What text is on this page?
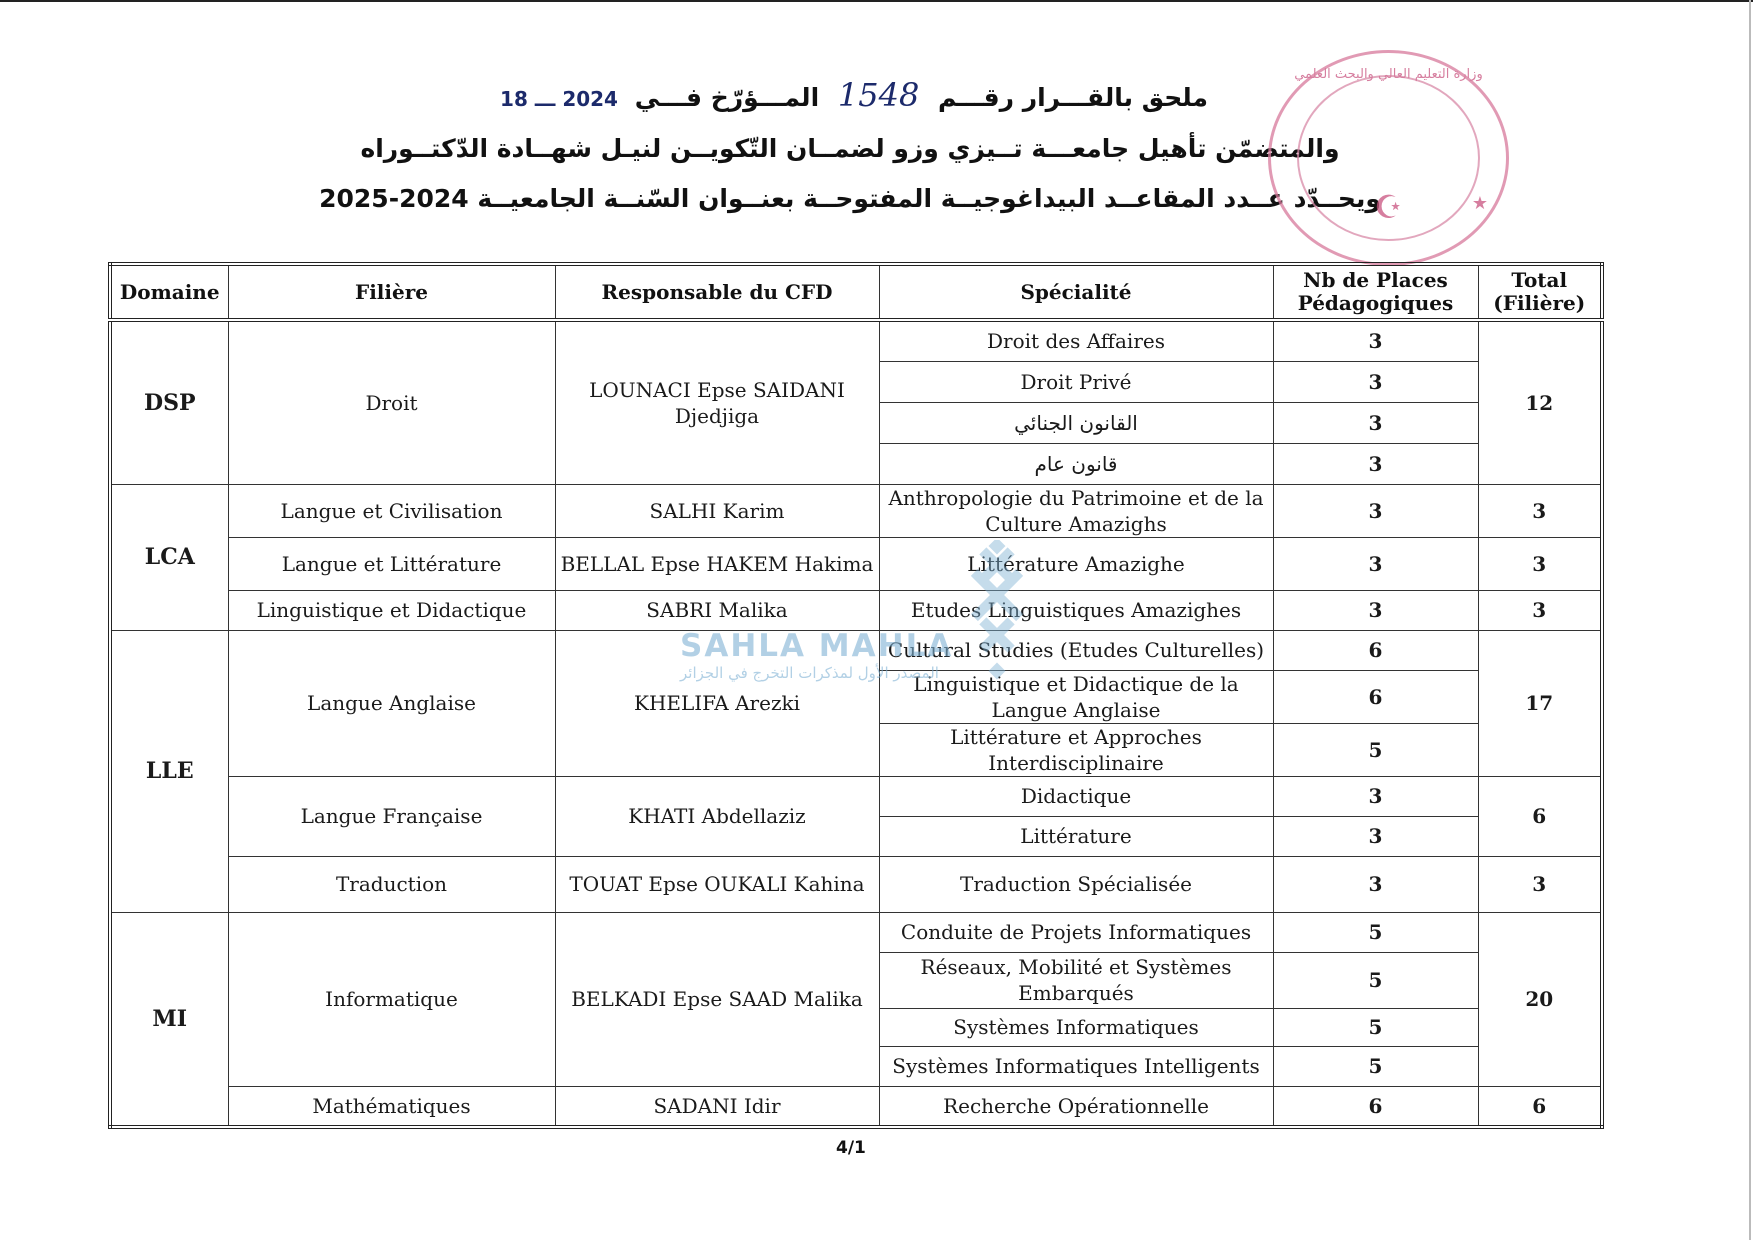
ملحق بالقـــرار رقـــم 1548 المـــؤرّخ فـــي 2024 ـــ 18
والمتضمّن تأهيل جامعـــة تــيزي وزو لضمــان التّكويــن لنيـل شهــادة الدّكتــوراه
ويحــدّد عــدد المقاعــد البيداغوجيــة المفتوحــة بعنــوان السّنــة الجامعيــة 2024-2025
وزارة التعليم العالي والبحث العلمي
☪	★
Domaine	Filière	Responsable du CFD	Spécialité	Nb de Places Pédagogiques	Total (Filière)
DSP	Droit	LOUNACI Epse SAIDANI Djedjiga	Droit des Affaires	3	12
			Droit Privé	3	
			القانون الجنائي	3	
			قانون عام	3	
LCA	Langue et Civilisation	SALHI Karim	Anthropologie du Patrimoine et de la Culture Amazighs	3	3
	Langue et Littérature	BELLAL Epse HAKEM Hakima	Littérature Amazighe	3	3
	Linguistique et Didactique	SABRI Malika	Etudes Linguistiques Amazighes	3	3
LLE	Langue Anglaise	KHELIFA Arezki	Cultural Studies (Etudes Culturelles)	6	17
			Linguistique et Didactique de la Langue Anglaise	6	
			Littérature et Approches Interdisciplinaire	5	
	Langue Française	KHATI Abdellaziz	Didactique	3	6
			Littérature	3	
	Traduction	TOUAT Epse OUKALI Kahina	Traduction Spécialisée	3	3
MI	Informatique	BELKADI Epse SAAD Malika	Conduite de Projets Informatiques	5	20
			Réseaux, Mobilité et Systèmes Embarqués	5	
			Systèmes Informatiques	5	
			Systèmes Informatiques Intelligents	5	
	Mathématiques	SADANI Idir	Recherche Opérationnelle	6	6
SAHLA MAHLA
المصدر الأول لمذكرات التخرج في الجزائر
4/1
